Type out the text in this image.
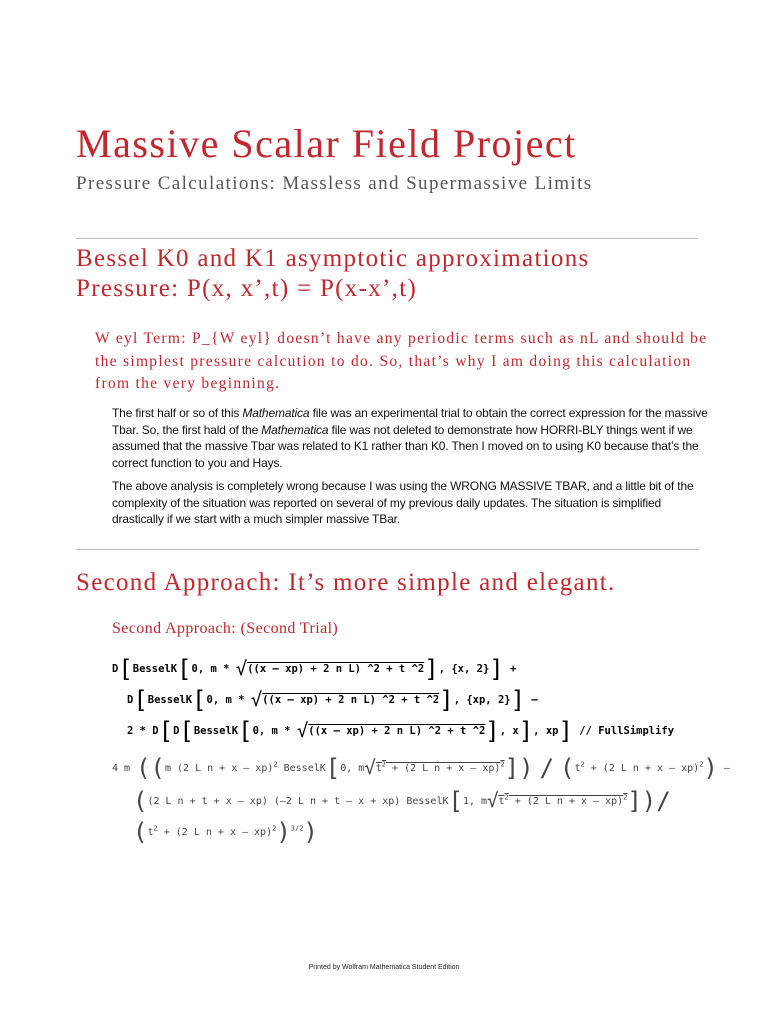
Massive Scalar Field Project
Pressure Calculations: Massless and Supermassive Limits
Bessel K0 and K1 asymptotic approximations
Pressure: P(x, x’,t) = P(x-x’,t)
W eyl Term: P_{W eyl} doesn’t have any periodic terms such as nL and should be the simplest pressure calcution to do. So, that’s why I am doing this calculation from the very beginning.
The first half or so of this Mathematica file was an experimental trial to obtain the correct expression for the massive Tbar. So, the first hald of the Mathematica file was not deleted to demonstrate how HORRI-BLY things went if we assumed that the massive Tbar was related to K1 rather than K0. Then I moved on to using K0 because that’s the correct function to you and Hays.
The above analysis is completely wrong because I was using the WRONG MASSIVE TBAR, and a little bit of the complexity of the situation was reported on several of my previous daily updates. The situation is simplified drastically if we start with a much simpler massive TBar.
Second Approach: It’s more simple and elegant.
Second Approach: (Second Trial)
D[BesselK[0, m * √((x – xp) + 2 n L) ^2 + t ^2], {x, 2}] +
D[BesselK[0, m * √((x – xp) + 2 n L) ^2 + t ^2], {xp, 2}] –
2 * D[D[BesselK[0, m * √((x – xp) + 2 n L) ^2 + t ^2], x], xp] // FullSimplify
4 m ((m (2 L n + x – xp)$^2$ BesselK[0, $m√t^2 + (2$ L $n + x - xp)^2]) / (t^2 + (2$ L n + x – xp)$^2$) –
((2 L n + t + x – xp) (–2 L n + t – x + xp) BesselK[1, $m√t^2 + (2$ L n + x – xp)$^2$])/
($t^2 + (2$ L n + x – xp)$^2$)$^{3/2}$)
Printed by Wolfram Mathematica Student Edition
